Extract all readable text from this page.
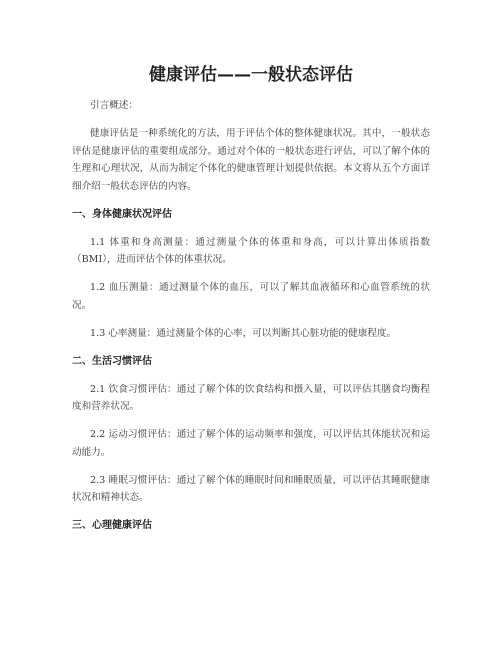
健康评估——一般状态评估

引言概述：

健康评估是一种系统化的方法，用于评估个体的整体健康状况。其中，一般状态评估是健康评估的重要组成部分。通过对个体的一般状态进行评估，可以了解个体的生理和心理状况，从而为制定个体化的健康管理计划提供依据。本文将从五个方面详细介绍一般状态评估的内容。

一、身体健康状况评估

1.1 体重和身高测量：通过测量个体的体重和身高，可以计算出体质指数（BMI），进而评估个体的体重状况。

1.2 血压测量：通过测量个体的血压，可以了解其血液循环和心血管系统的状况。

1.3 心率测量：通过测量个体的心率，可以判断其心脏功能的健康程度。

二、生活习惯评估

2.1 饮食习惯评估：通过了解个体的饮食结构和摄入量，可以评估其膳食均衡程度和营养状况。

2.2 运动习惯评估：通过了解个体的运动频率和强度，可以评估其体能状况和运动能力。

2.3 睡眠习惯评估：通过了解个体的睡眠时间和睡眠质量，可以评估其睡眠健康状况和精神状态。

三、心理健康评估
